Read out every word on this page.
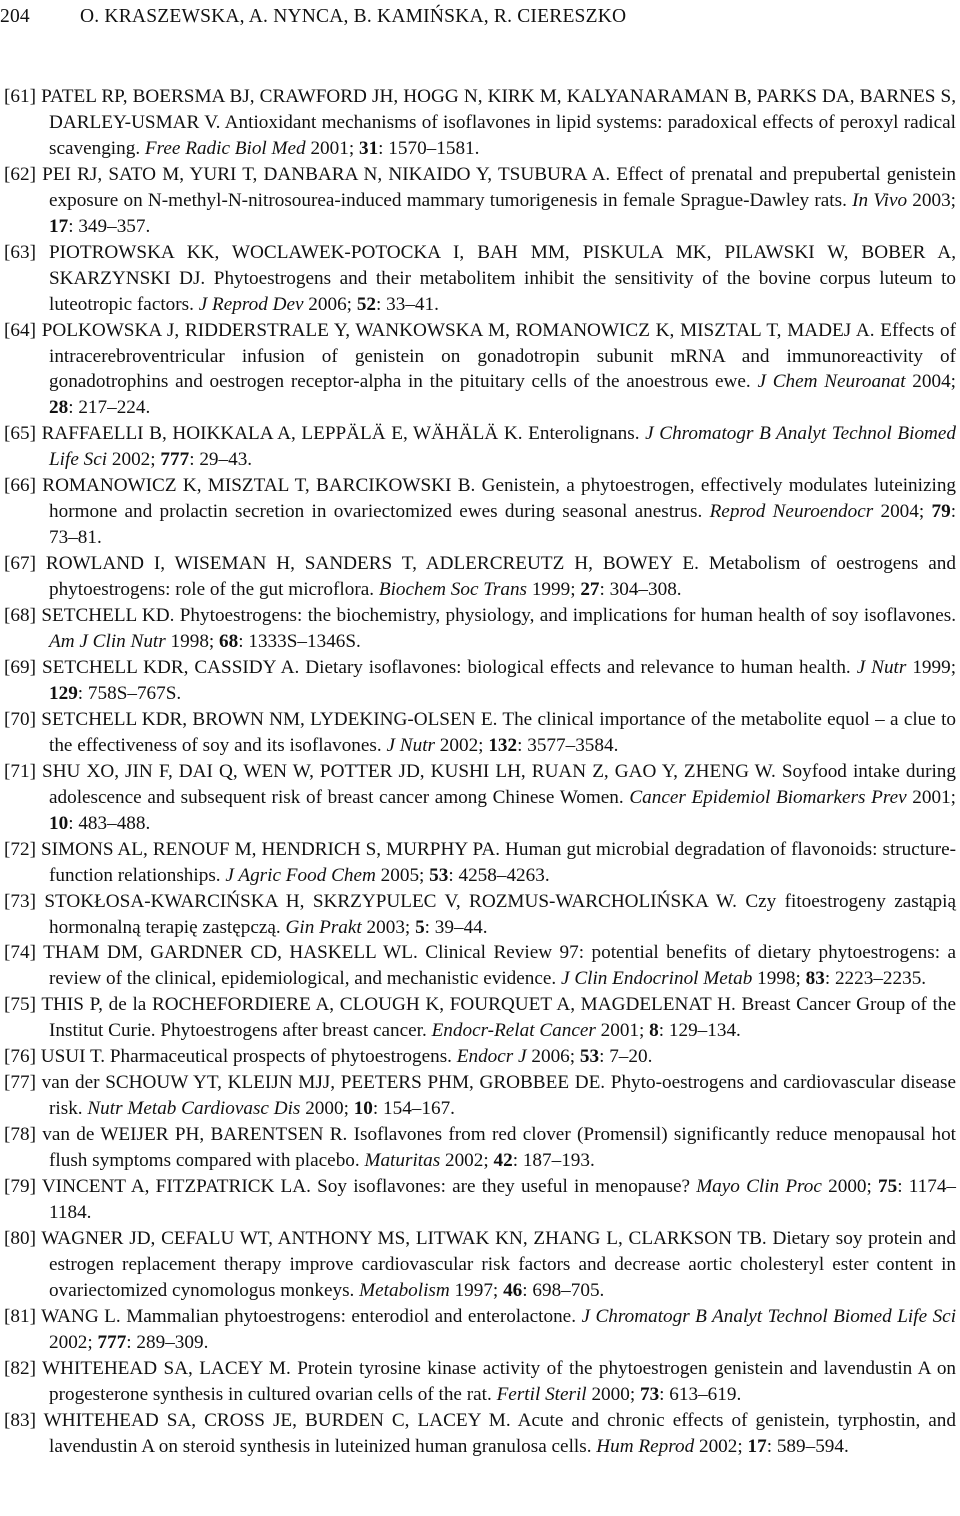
204	O. KRASZEWSKA, A. NYNCA, B. KAMIŃSKA, R. CIERESZKO

[61] PATEL RP, BOERSMA BJ, CRAWFORD JH, HOGG N, KIRK M, KALYANARAMAN B, PARKS DA, BARNES S, DARLEY-USMAR V. Antioxidant mechanisms of isoflavones in lipid systems: paradoxical effects of peroxyl radical scavenging. Free Radic Biol Med 2001; 31: 1570–1581.

[62] PEI RJ, SATO M, YURI T, DANBARA N, NIKAIDO Y, TSUBURA A. Effect of prenatal and prepubertal genistein exposure on N-methyl-N-nitrosourea-induced mammary tumorigenesis in female Sprague-Dawley rats. In Vivo 2003; 17: 349–357.

[63] PIOTROWSKA KK, WOCLAWEK-POTOCKA I, BAH MM, PISKULA MK, PILAWSKI W, BOBER A, SKARZYNSKI DJ. Phytoestrogens and their metabolitem inhibit the sensitivity of the bovine corpus luteum to luteotropic factors. J Reprod Dev 2006; 52: 33–41.

[64] POLKOWSKA J, RIDDERSTRALE Y, WANKOWSKA M, ROMANOWICZ K, MISZTAL T, MADEJ A. Effects of intracerebroventricular infusion of genistein on gonadotropin subunit mRNA and immunoreactivity of gonadotrophins and oestrogen receptor-alpha in the pituitary cells of the anoestrous ewe. J Chem Neuroanat 2004; 28: 217–224.

[65] RAFFAELLI B, HOIKKALA A, LEPPÄLÄ E, WÄHÄLÄ K. Enterolignans. J Chromatogr B Analyt Technol Biomed Life Sci 2002; 777: 29–43.

[66] ROMANOWICZ K, MISZTAL T, BARCIKOWSKI B. Genistein, a phytoestrogen, effectively modulates luteinizing hormone and prolactin secretion in ovariectomized ewes during seasonal anestrus. Reprod Neuroendocr 2004; 79: 73–81.

[67] ROWLAND I, WISEMAN H, SANDERS T, ADLERCREUTZ H, BOWEY E. Metabolism of oestrogens and phytoestrogens: role of the gut microflora. Biochem Soc Trans 1999; 27: 304–308.

[68] SETCHELL KD. Phytoestrogens: the biochemistry, physiology, and implications for human health of soy isoflavones. Am J Clin Nutr 1998; 68: 1333S–1346S.

[69] SETCHELL KDR, CASSIDY A. Dietary isoflavones: biological effects and relevance to human health. J Nutr 1999; 129: 758S–767S.

[70] SETCHELL KDR, BROWN NM, LYDEKING-OLSEN E. The clinical importance of the metabolite equol – a clue to the effectiveness of soy and its isoflavones. J Nutr 2002; 132: 3577–3584.

[71] SHU XO, JIN F, DAI Q, WEN W, POTTER JD, KUSHI LH, RUAN Z, GAO Y, ZHENG W. Soyfood intake during adolescence and subsequent risk of breast cancer among Chinese Women. Cancer Epidemiol Biomarkers Prev 2001; 10: 483–488.

[72] SIMONS AL, RENOUF M, HENDRICH S, MURPHY PA. Human gut microbial degradation of flavonoids: structure-function relationships. J Agric Food Chem 2005; 53: 4258–4263.

[73] STOKŁOSA-KWARCIŃSKA H, SKRZYPULEC V, ROZMUS-WARCHOLIŃSKA W. Czy fitoestrogeny zastąpią hormonalną terapię zastępczą. Gin Prakt 2003; 5: 39–44.

[74] THAM DM, GARDNER CD, HASKELL WL. Clinical Review 97: potential benefits of dietary phytoestrogens: a review of the clinical, epidemiological, and mechanistic evidence. J Clin Endocrinol Metab 1998; 83: 2223–2235.

[75] THIS P, de la ROCHEFORDIERE A, CLOUGH K, FOURQUET A, MAGDELENAT H. Breast Cancer Group of the Institut Curie. Phytoestrogens after breast cancer. Endocr-Relat Cancer 2001; 8: 129–134.

[76] USUI T. Pharmaceutical prospects of phytoestrogens. Endocr J 2006; 53: 7–20.

[77] van der SCHOUW YT, KLEIJN MJJ, PEETERS PHM, GROBBEE DE. Phyto-oestrogens and cardiovascular disease risk. Nutr Metab Cardiovasc Dis 2000; 10: 154–167.

[78] van de WEIJER PH, BARENTSEN R. Isoflavones from red clover (Promensil) significantly reduce menopausal hot flush symptoms compared with placebo. Maturitas 2002; 42: 187–193.

[79] VINCENT A, FITZPATRICK LA. Soy isoflavones: are they useful in menopause? Mayo Clin Proc 2000; 75: 1174–1184.

[80] WAGNER JD, CEFALU WT, ANTHONY MS, LITWAK KN, ZHANG L, CLARKSON TB. Dietary soy protein and estrogen replacement therapy improve cardiovascular risk factors and decrease aortic cholesteryl ester content in ovariectomized cynomologus monkeys. Metabolism 1997; 46: 698–705.

[81] WANG L. Mammalian phytoestrogens: enterodiol and enterolactone. J Chromatogr B Analyt Technol Biomed Life Sci 2002; 777: 289–309.

[82] WHITEHEAD SA, LACEY M. Protein tyrosine kinase activity of the phytoestrogen genistein and lavendustin A on progesterone synthesis in cultured ovarian cells of the rat. Fertil Steril 2000; 73: 613–619.

[83] WHITEHEAD SA, CROSS JE, BURDEN C, LACEY M. Acute and chronic effects of genistein, tyrphostin, and lavendustin A on steroid synthesis in luteinized human granulosa cells. Hum Reprod 2002; 17: 589–594.
